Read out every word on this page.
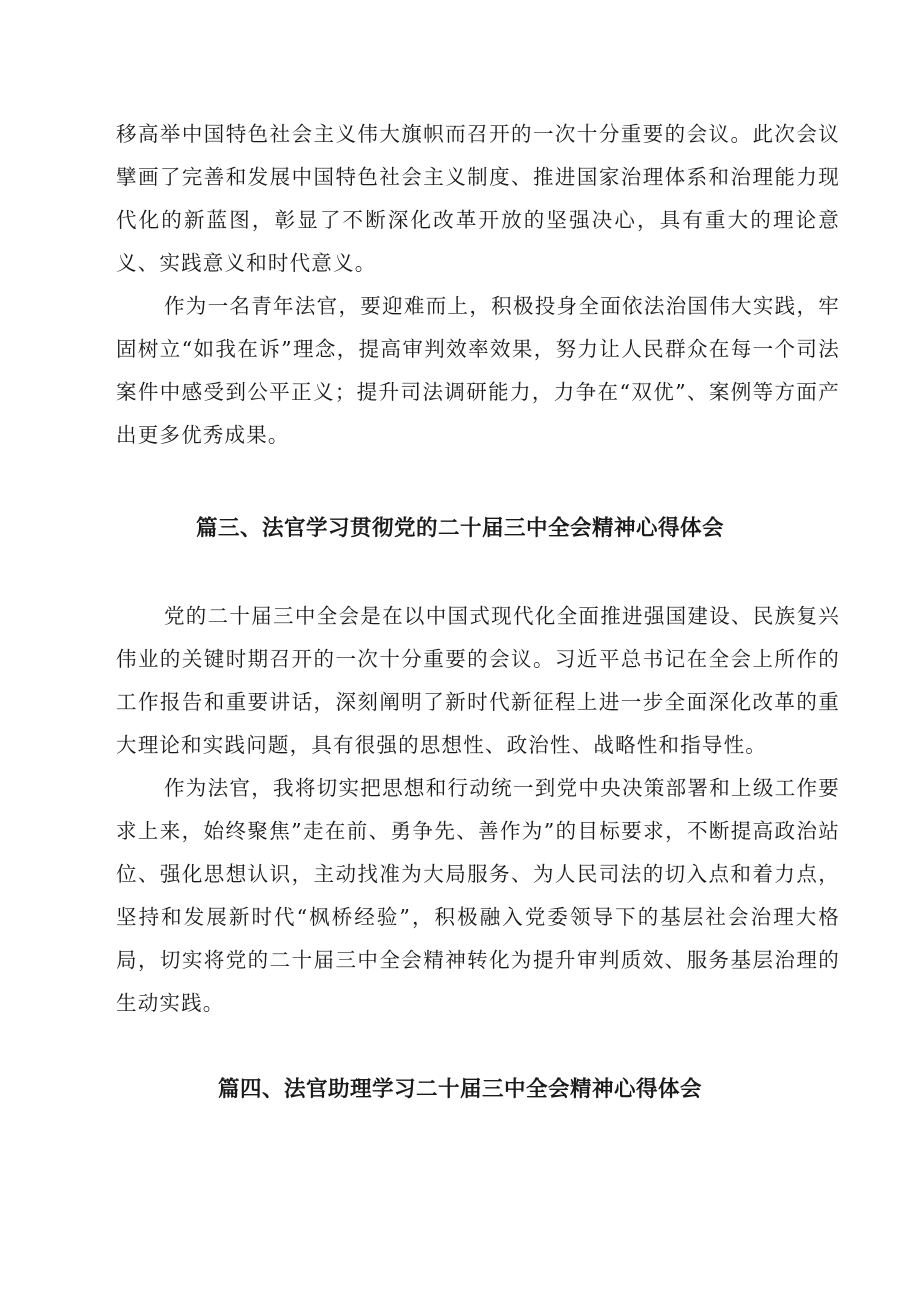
移高举中国特色社会主义伟大旗帜而召开的一次十分重要的会议。此次会议擘画了完善和发展中国特色社会主义制度、推进国家治理体系和治理能力现代化的新蓝图，彰显了不断深化改革开放的坚强决心，具有重大的理论意义、实践意义和时代意义。

作为一名青年法官，要迎难而上，积极投身全面依法治国伟大实践，牢固树立“如我在诉”理念，提高审判效率效果，努力让人民群众在每一个司法案件中感受到公平正义；提升司法调研能力，力争在“双优”、案例等方面产出更多优秀成果。

篇三、法官学习贯彻党的二十届三中全会精神心得体会

党的二十届三中全会是在以中国式现代化全面推进强国建设、民族复兴伟业的关键时期召开的一次十分重要的会议。习近平总书记在全会上所作的工作报告和重要讲话，深刻阐明了新时代新征程上进一步全面深化改革的重大理论和实践问题，具有很强的思想性、政治性、战略性和指导性。

作为法官，我将切实把思想和行动统一到党中央决策部署和上级工作要求上来，始终聚焦”走在前、勇争先、善作为”的目标要求，不断提高政治站位、强化思想认识，主动找准为大局服务、为人民司法的切入点和着力点，坚持和发展新时代“枫桥经验”，积极融入党委领导下的基层社会治理大格局，切实将党的二十届三中全会精神转化为提升审判质效、服务基层治理的生动实践。

篇四、法官助理学习二十届三中全会精神心得体会
